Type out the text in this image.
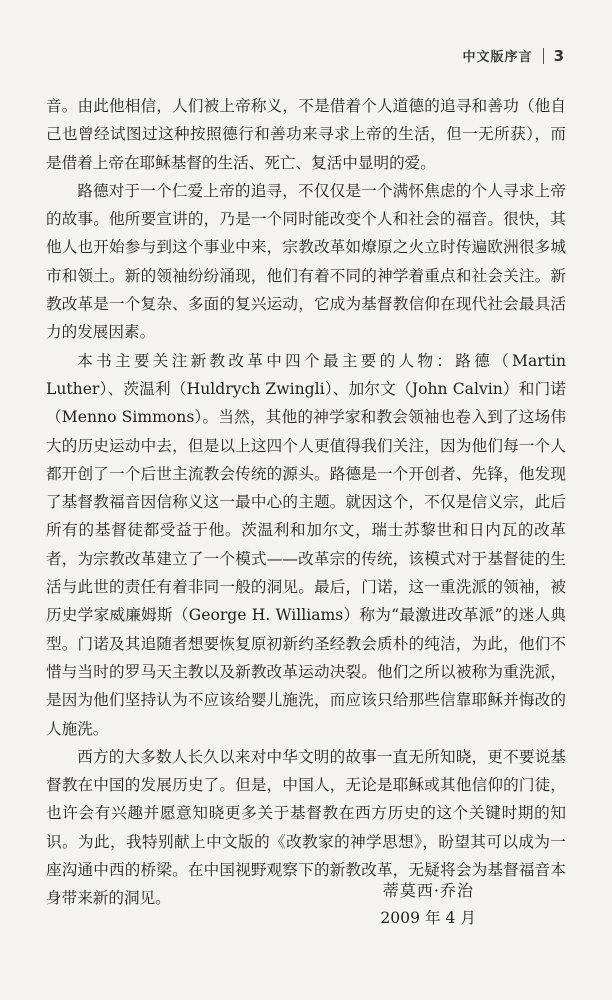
中文版序言 3

音。由此他相信，人们被上帝称义，不是借着个人道德的追寻和善功（他自己也曾经试图过这种按照德行和善功来寻求上帝的生活，但一无所获），而是借着上帝在耶稣基督的生活、死亡、复活中显明的爱。

路德对于一个仁爱上帝的追寻，不仅仅是一个满怀焦虑的个人寻求上帝的故事。他所要宣讲的，乃是一个同时能改变个人和社会的福音。很快，其他人也开始参与到这个事业中来，宗教改革如燎原之火立时传遍欧洲很多城市和领土。新的领袖纷纷涌现，他们有着不同的神学着重点和社会关注。新教改革是一个复杂、多面的复兴运动，它成为基督教信仰在现代社会最具活力的发展因素。

本书主要关注新教改革中四个最主要的人物：路德（Martin Luther）、茨温利（Huldrych Zwingli）、加尔文（John Calvin）和门诺（Menno Simmons）。当然，其他的神学家和教会领袖也卷入到了这场伟大的历史运动中去，但是以上这四个人更值得我们关注，因为他们每一个人都开创了一个后世主流教会传统的源头。路德是一个开创者、先锋，他发现了基督教福音因信称义这一最中心的主题。就因这个，不仅是信义宗，此后所有的基督徒都受益于他。茨温利和加尔文，瑞士苏黎世和日内瓦的改革者，为宗教改革建立了一个模式——改革宗的传统，该模式对于基督徒的生活与此世的责任有着非同一般的洞见。最后，门诺，这一重洗派的领袖，被历史学家威廉姆斯（George H. Williams）称为“最激进改革派”的迷人典型。门诺及其追随者想要恢复原初新约圣经教会质朴的纯洁，为此，他们不惜与当时的罗马天主教以及新教改革运动决裂。他们之所以被称为重洗派，是因为他们坚持认为不应该给婴儿施洗，而应该只给那些信靠耶稣并悔改的人施洗。

西方的大多数人长久以来对中华文明的故事一直无所知晓，更不要说基督教在中国的发展历史了。但是，中国人，无论是耶稣或其他信仰的门徒，也许会有兴趣并愿意知晓更多关于基督教在西方历史的这个关键时期的知识。为此，我特别献上中文版的《改教家的神学思想》，盼望其可以成为一座沟通中西的桥梁。在中国视野观察下的新教改革，无疑将会为基督福音本身带来新的洞见。	蒂莫西·乔治
2009 年 4 月
